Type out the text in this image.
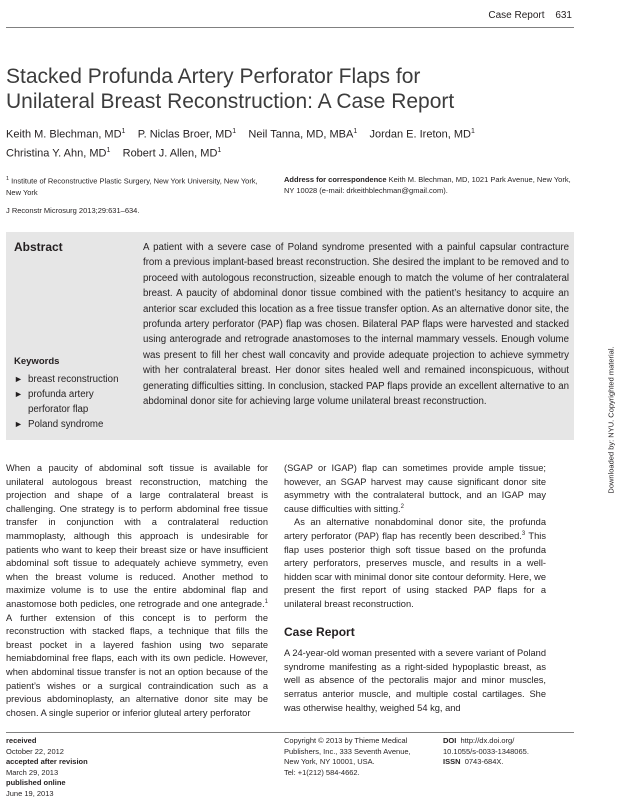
Case Report 631
Stacked Profunda Artery Perforator Flaps for
Unilateral Breast Reconstruction: A Case Report
Keith M. Blechman, $MD^1$ P. Niclas Broer, $MD^1$ Neil Tanna, MD, MBA$^1$ Jordan E. Ireton, $MD^1$
Christina Y. Ahn, $MD^1$ Robert J. Allen, $MD^1$
$^1$ Institute of Reconstructive Plastic Surgery, New York University, New York, New York
Address for correspondence Keith M. Blechman, MD, 1021 Park Avenue, New York, NY 10028 (e-mail: drkeithblechman@gmail.com).
J Reconstr Microsurg 2013;29:631–634.
Abstract	A patient with a severe case of Poland syndrome presented with a painful capsular contracture from a previous implant-based breast reconstruction. She desired the implant to be removed and to proceed with autologous reconstruction, sizeable enough to match the volume of her contralateral breast. A paucity of abdominal donor tissue combined with the patient’s hesitancy to acquire an anterior scar excluded this location as a free tissue transfer option. As an alternative donor site, the profunda artery perforator (PAP) flap was chosen. Bilateral PAP flaps were harvested and stacked using anterograde and retrograde anastomoses to the internal mammary vessels. Enough volume was present to fill her chest wall concavity and provide adequate projection to achieve symmetry with her contralateral breast. Her donor sites healed well and remained inconspicuous, without generating difficulties sitting. In conclusion, stacked PAP flaps provide an excellent alternative to an abdominal donor site for achieving large volume unilateral breast reconstruction.
Keywords
► breast reconstruction
► profunda artery perforator flap
► Poland syndrome	Downloaded by: NYU. Copyrighted material.

When a paucity of abdominal soft tissue is available for unilateral autologous breast reconstruction, matching the projection and shape of a large contralateral breast is challenging. One strategy is to perform abdominal free tissue transfer in conjunction with a contralateral reduction mammoplasty, although this approach is undesirable for patients who want to keep their breast size or have insufficient abdominal soft tissue to adequately achieve symmetry, even when the breast volume is reduced. Another method to maximize volume is to use the entire abdominal flap and anastomose both pedicles, one retrograde and one antegrade.$^1$ A further extension of this concept is to perform the reconstruction with stacked flaps, a technique that fills the breast pocket in a layered fashion using two separate hemiabdominal free flaps, each with its own pedicle. However, when abdominal tissue transfer is not an option because of the patient’s wishes or a surgical contraindication such as a previous abdominoplasty, an alternative donor site may be chosen. A single superior or inferior gluteal artery perforator

(SGAP or IGAP) flap can sometimes provide ample tissue; however, an SGAP harvest may cause significant donor site asymmetry with the contralateral buttock, and an IGAP may cause difficulties with sitting.$^2$

As an alternative nonabdominal donor site, the profunda artery perforator (PAP) flap has recently been described.$^3$ This flap uses posterior thigh soft tissue based on the profunda artery perforators, preserves muscle, and results in a well-hidden scar with minimal donor site contour deformity. Here, we present the first report of using stacked PAP flaps for a unilateral breast reconstruction.

Case Report

A 24-year-old woman presented with a severe variant of Poland syndrome manifesting as a right-sided hypoplastic breast, as well as absence of the pectoralis major and minor muscles, serratus anterior muscle, and multiple costal cartilages. She was otherwise healthy, weighed 54 kg, and

received
October 22, 2012
accepted after revision
March 29, 2013
published online
June 19, 2013
Copyright © 2013 by Thieme Medical
Publishers, Inc., 333 Seventh Avenue,
New York, NY 10001, USA.
Tel: +1(212) 584-4662.
DOI http://dx.doi.org/
10.1055/s-0033-1348065.
ISSN 0743-684X.
